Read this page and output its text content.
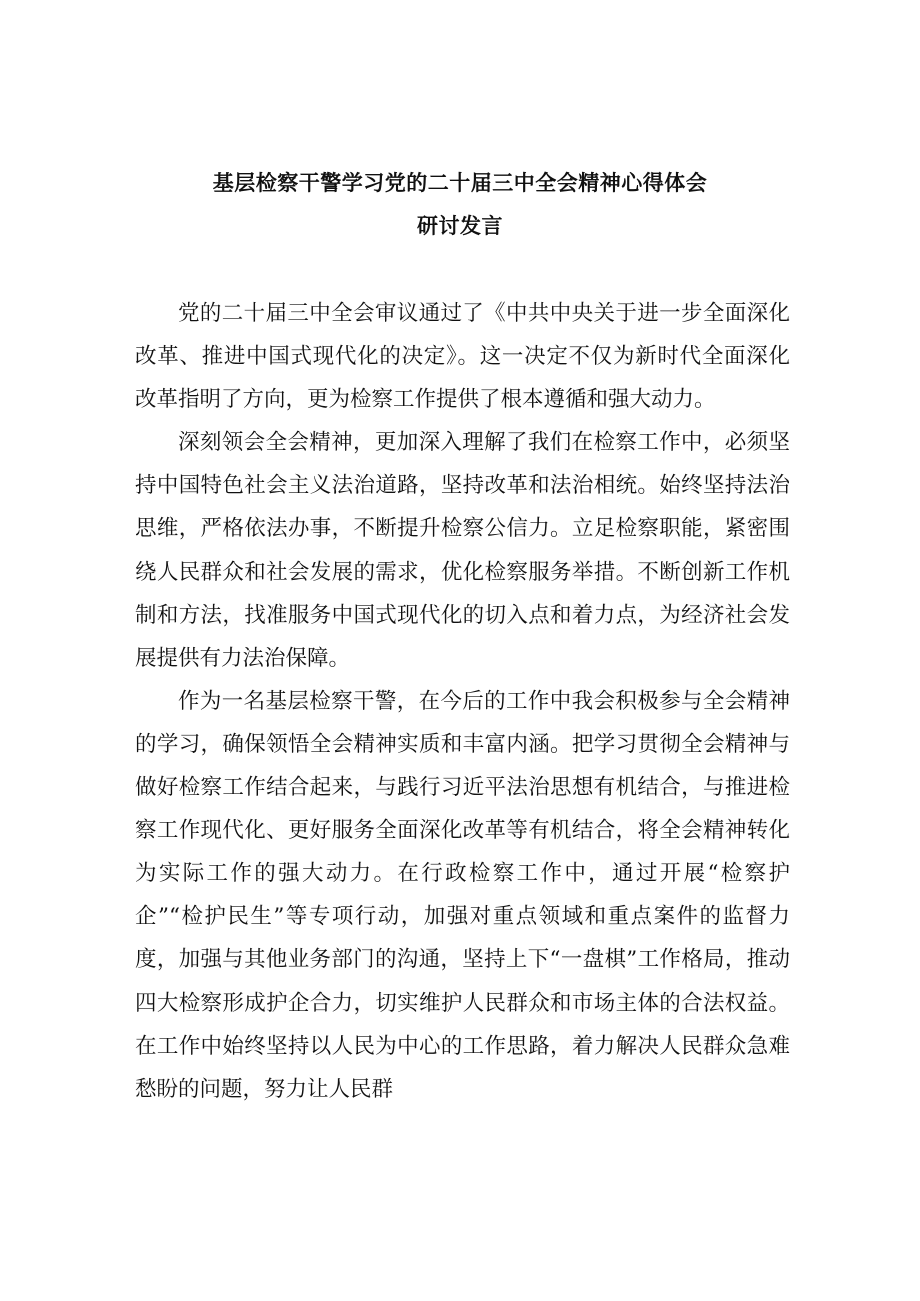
基层检察干警学习党的二十届三中全会精神心得体会
研讨发言

党的二十届三中全会审议通过了《中共中央关于进一步全面深化改革、推进中国式现代化的决定》。这一决定不仅为新时代全面深化改革指明了方向，更为检察工作提供了根本遵循和强大动力。

深刻领会全会精神，更加深入理解了我们在检察工作中，必须坚持中国特色社会主义法治道路，坚持改革和法治相统。始终坚持法治思维，严格依法办事，不断提升检察公信力。立足检察职能，紧密围绕人民群众和社会发展的需求，优化检察服务举措。不断创新工作机制和方法，找准服务中国式现代化的切入点和着力点，为经济社会发展提供有力法治保障。

作为一名基层检察干警，在今后的工作中我会积极参与全会精神的学习，确保领悟全会精神实质和丰富内涵。把学习贯彻全会精神与做好检察工作结合起来，与践行习近平法治思想有机结合，与推进检察工作现代化、更好服务全面深化改革等有机结合，将全会精神转化为实际工作的强大动力。在行政检察工作中，通过开展“检察护企”“检护民生”等专项行动，加强对重点领域和重点案件的监督力度，加强与其他业务部门的沟通，坚持上下“一盘棋”工作格局，推动四大检察形成护企合力，切实维护人民群众和市场主体的合法权益。在工作中始终坚持以人民为中心的工作思路，着力解决人民群众急难愁盼的问题，努力让人民群
